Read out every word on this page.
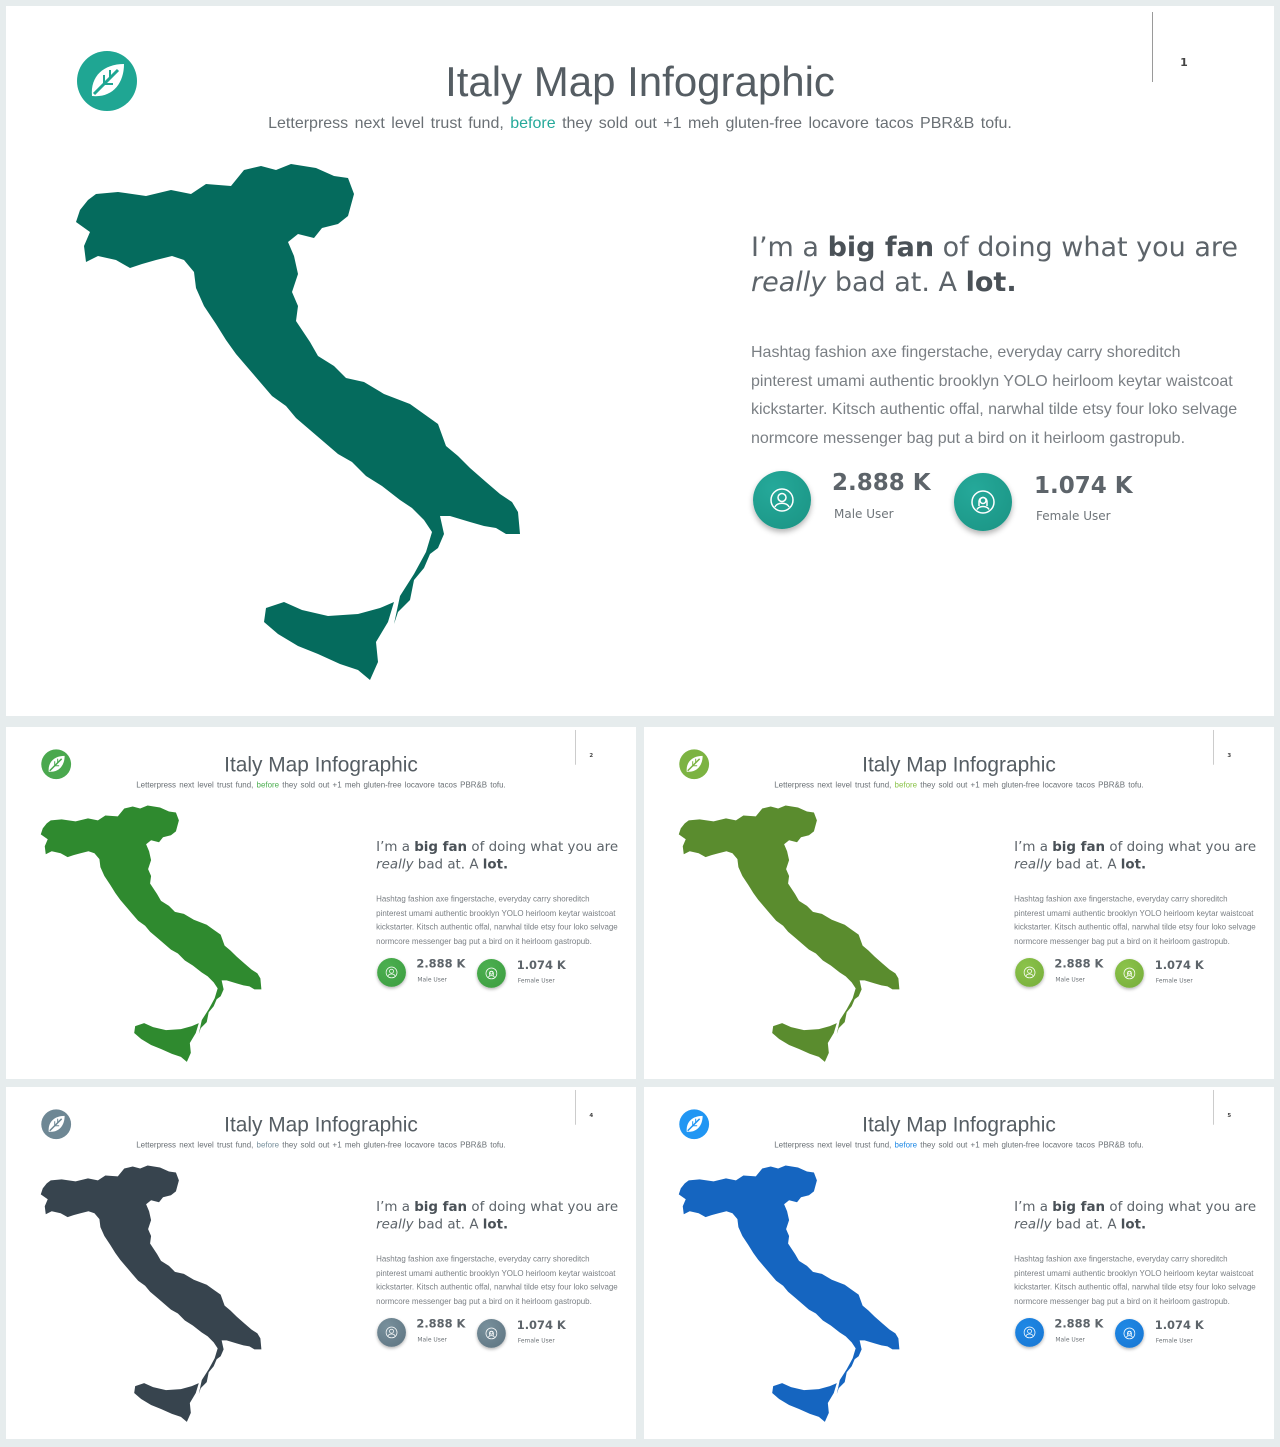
1
Italy Map Infographic
Letterpress next level trust fund, before they sold out +1 meh gluten-free locavore tacos PBR&B tofu.
I’m a big fan of doing what you are
really bad at. A lot.
Hashtag fashion axe fingerstache, everyday carry shoreditch pinterest umami authentic brooklyn YOLO heirloom keytar waistcoat kickstarter. Kitsch authentic offal, narwhal tilde etsy four loko selvage normcore messenger bag put a bird on it heirloom gastropub.
2.888 K
Male User
1.074 K
Female User
2
Italy Map Infographic
Letterpress next level trust fund, before they sold out +1 meh gluten-free locavore tacos PBR&B tofu.
I’m a big fan of doing what you are
really bad at. A lot.
Hashtag fashion axe fingerstache, everyday carry shoreditch pinterest umami authentic brooklyn YOLO heirloom keytar waistcoat kickstarter. Kitsch authentic offal, narwhal tilde etsy four loko selvage normcore messenger bag put a bird on it heirloom gastropub.
2.888 K
Male User
1.074 K
Female User
3
Italy Map Infographic
Letterpress next level trust fund, before they sold out +1 meh gluten-free locavore tacos PBR&B tofu.
I’m a big fan of doing what you are
really bad at. A lot.
Hashtag fashion axe fingerstache, everyday carry shoreditch pinterest umami authentic brooklyn YOLO heirloom keytar waistcoat kickstarter. Kitsch authentic offal, narwhal tilde etsy four loko selvage normcore messenger bag put a bird on it heirloom gastropub.
2.888 K
Male User
1.074 K
Female User
4
Italy Map Infographic
Letterpress next level trust fund, before they sold out +1 meh gluten-free locavore tacos PBR&B tofu.
I’m a big fan of doing what you are
really bad at. A lot.
Hashtag fashion axe fingerstache, everyday carry shoreditch pinterest umami authentic brooklyn YOLO heirloom keytar waistcoat kickstarter. Kitsch authentic offal, narwhal tilde etsy four loko selvage normcore messenger bag put a bird on it heirloom gastropub.
2.888 K
Male User
1.074 K
Female User
5
Italy Map Infographic
Letterpress next level trust fund, before they sold out +1 meh gluten-free locavore tacos PBR&B tofu.
I’m a big fan of doing what you are
really bad at. A lot.
Hashtag fashion axe fingerstache, everyday carry shoreditch pinterest umami authentic brooklyn YOLO heirloom keytar waistcoat kickstarter. Kitsch authentic offal, narwhal tilde etsy four loko selvage normcore messenger bag put a bird on it heirloom gastropub.
2.888 K
Male User
1.074 K
Female User
